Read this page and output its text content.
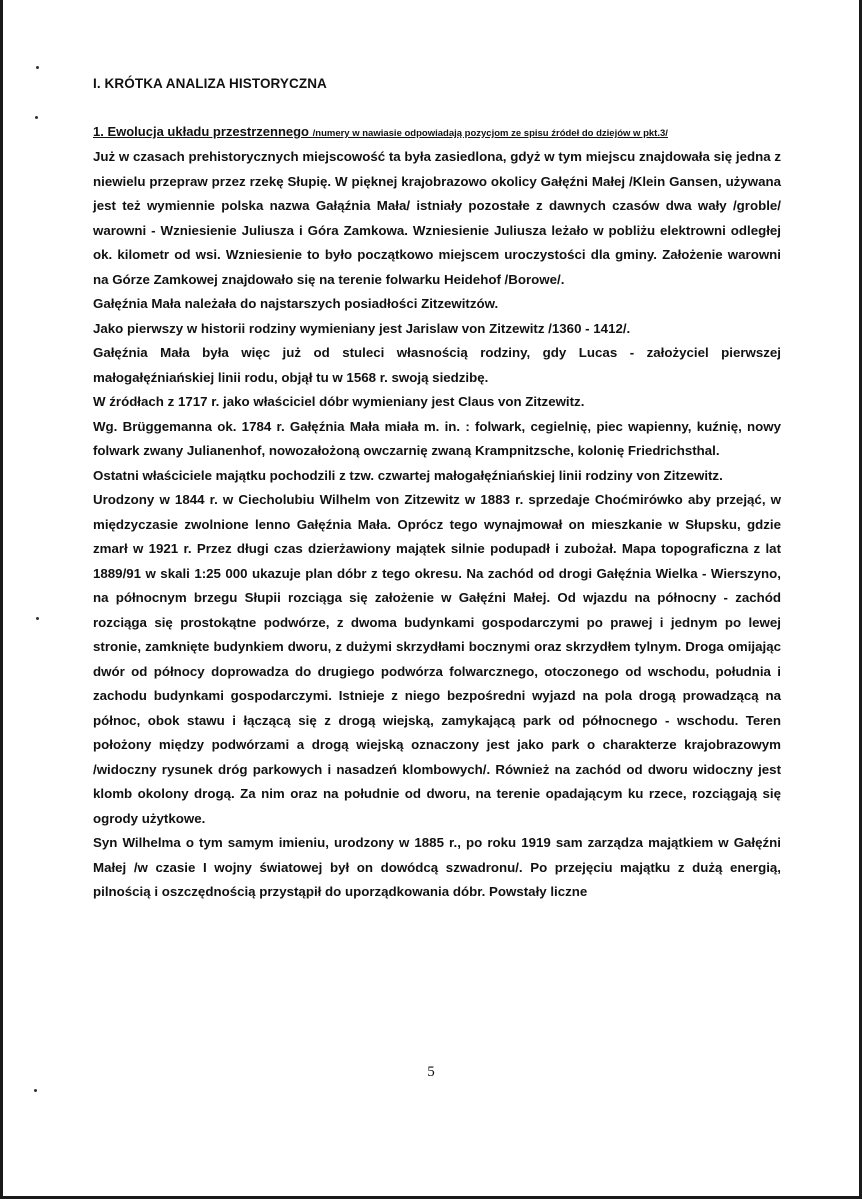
I. KRÓTKA ANALIZA HISTORYCZNA
1. Ewolucja układu przestrzennego /numery w nawiasie odpowiadają pozycjom ze spisu źródeł do dziejów w pkt.3/

Już w czasach prehistorycznych miejscowość ta była zasiedlona, gdyż w tym miejscu znajdowała się jedna z niewielu przepraw przez rzekę Słupię. W pięknej krajobrazowo okolicy Gałęźni Małej /Klein Gansen, używana jest też wymiennie polska nazwa Gałąźnia Mała/ istniały pozostałe z dawnych czasów dwa wały /groble/ warowni - Wzniesienie Juliusza i Góra Zamkowa. Wzniesienie Juliusza leżało w pobliżu elektrowni odległej ok. kilometr od wsi. Wzniesienie to było początkowo miejscem uroczystości dla gminy. Założenie warowni na Górze Zamkowej znajdowało się na terenie folwarku Heidehof /Borowe/.

Gałęźnia Mała należała do najstarszych posiadłości Zitzewitzów.

Jako pierwszy w historii rodziny wymieniany jest Jarislaw von Zitzewitz /1360 - 1412/.

Gałęźnia Mała była więc już od stuleci własnością rodziny, gdy Lucas - założyciel pierwszej małogałęźniańskiej linii rodu, objął tu w 1568 r. swoją siedzibę.

W źródłach z 1717 r. jako właściciel dóbr wymieniany jest Claus von Zitzewitz.

Wg. Brüggemanna ok. 1784 r. Gałęźnia Mała miała m. in. : folwark, cegielnię, piec wapienny, kuźnię, nowy folwark zwany Julianenhof, nowozałożoną owczarnię zwaną Krampnitzsche, kolonię Friedrichsthal.

Ostatni właściciele majątku pochodzili z tzw. czwartej małogałęźniańskiej linii rodziny von Zitzewitz.

Urodzony w 1844 r. w Ciecholubiu Wilhelm von Zitzewitz w 1883 r. sprzedaje Choćmirówko aby przejąć, w międzyczasie zwolnione lenno Gałęźnia Mała. Oprócz tego wynajmował on mieszkanie w Słupsku, gdzie zmarł w 1921 r. Przez długi czas dzierżawiony majątek silnie podupadł i zubożał. Mapa topograficzna z lat 1889/91 w skali 1:25 000 ukazuje plan dóbr z tego okresu. Na zachód od drogi Gałęźnia Wielka - Wierszyno, na północnym brzegu Słupii rozciąga się założenie w Gałęźni Małej. Od wjazdu na północny - zachód rozciąga się prostokątne podwórze, z dwoma budynkami gospodarczymi po prawej i jednym po lewej stronie, zamknięte budynkiem dworu, z dużymi skrzydłami bocznymi oraz skrzydłem tylnym. Droga omijając dwór od północy doprowadza do drugiego podwórza folwarcznego, otoczonego od wschodu, południa i zachodu budynkami gospodarczymi. Istnieje z niego bezpośredni wyjazd na pola drogą prowadzącą na północ, obok stawu i łączącą się z drogą wiejską, zamykającą park od północnego - wschodu. Teren położony między podwórzami a drogą wiejską oznaczony jest jako park o charakterze krajobrazowym /widoczny rysunek dróg parkowych i nasadzeń klombowych/. Również na zachód od dworu widoczny jest klomb okolony drogą. Za nim oraz na południe od dworu, na terenie opadającym ku rzece, rozciągają się ogrody użytkowe.

Syn Wilhelma o tym samym imieniu, urodzony w 1885 r., po roku 1919 sam zarządza majątkiem w Gałęźni Małej /w czasie I wojny światowej był on dowódcą szwadronu/. Po przejęciu majątku z dużą energią, pilnością i oszczędnością przystąpił do uporządkowania dóbr. Powstały liczne

5
